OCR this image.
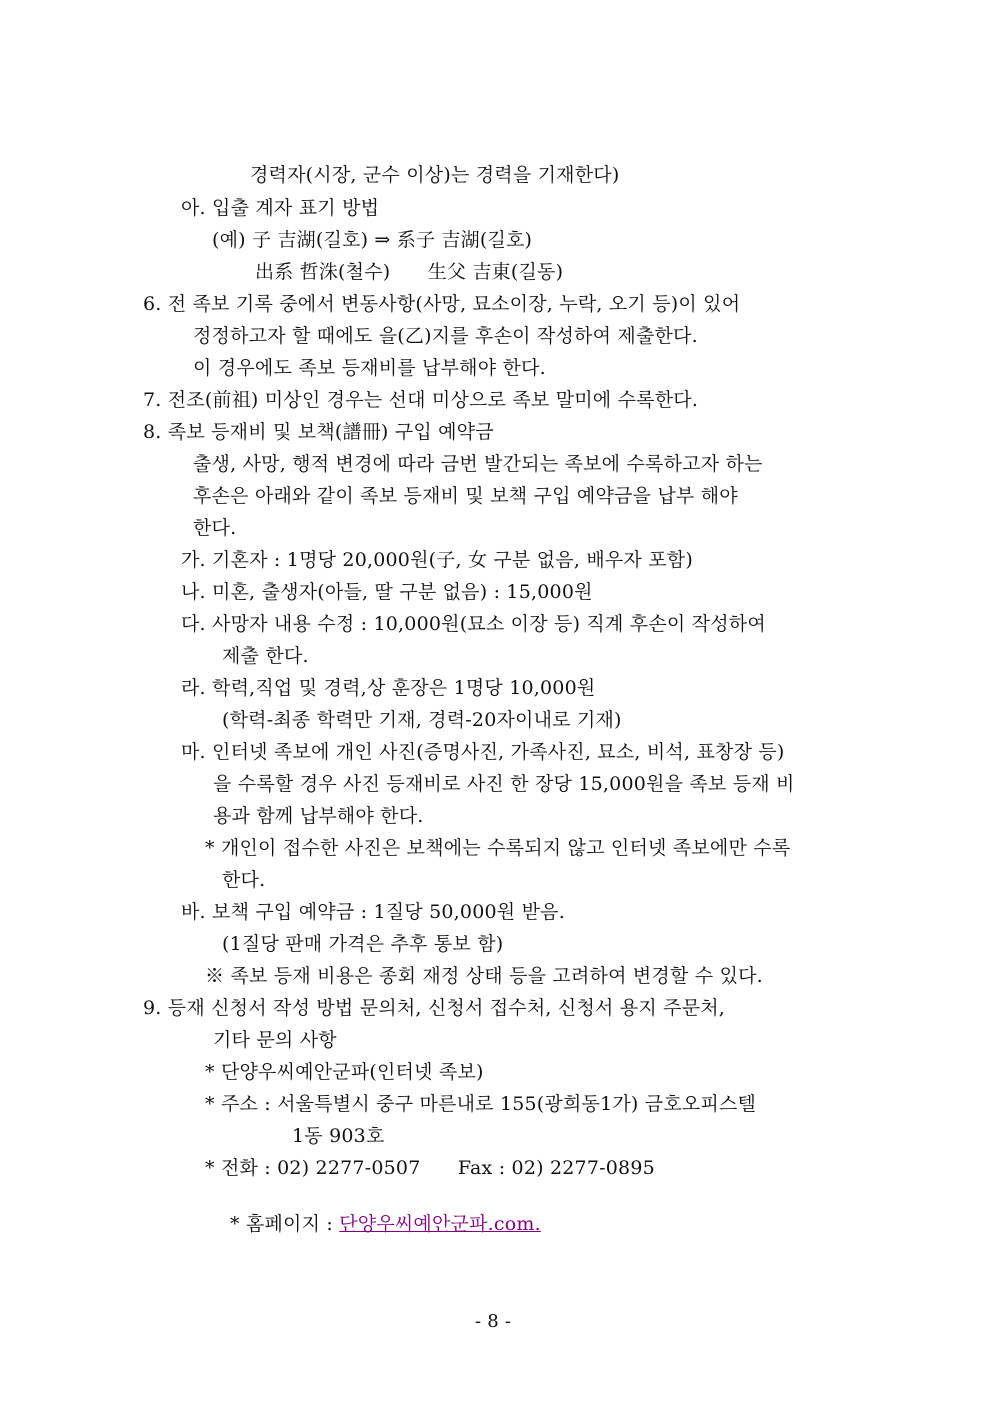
경력자(시장, 군수 이상)는 경력을 기재한다)
아. 입출 계자 표기 방법
(예) 子 吉湖(길호) ⇒ 系子 吉湖(길호)
出系 哲洙(철수)      生父 吉東(길동)
6. 전 족보 기록 중에서 변동사항(사망, 묘소이장, 누락, 오기 등)이 있어
정정하고자 할 때에도 을(乙)지를 후손이 작성하여 제출한다.
이 경우에도 족보 등재비를 납부해야 한다.
7. 전조(前祖) 미상인 경우는 선대 미상으로 족보 말미에 수록한다.
8. 족보 등재비 및 보책(譜冊) 구입 예약금
출생, 사망, 행적 변경에 따라 금번 발간되는 족보에 수록하고자 하는
후손은 아래와 같이 족보 등재비 및 보책 구입 예약금을 납부 해야
한다.
가. 기혼자 : 1명당 20,000원(子, 女 구분 없음, 배우자 포함)
나. 미혼, 출생자(아들, 딸 구분 없음) : 15,000원
다. 사망자 내용 수정 : 10,000원(묘소 이장 등) 직계 후손이 작성하여
제출 한다.
라. 학력,직업 및 경력,상 훈장은 1명당 10,000원
(학력-최종 학력만 기재, 경력-20자이내로 기재)
마. 인터넷 족보에 개인 사진(증명사진, 가족사진, 묘소, 비석, 표창장 등)
을 수록할 경우 사진 등재비로 사진 한 장당 15,000원을 족보 등재 비
용과 함께 납부해야 한다.
* 개인이 접수한 사진은 보책에는 수록되지 않고 인터넷 족보에만 수록
한다.
바. 보책 구입 예약금 : 1질당 50,000원 받음.
(1질당 판매 가격은 추후 통보 함)
※ 족보 등재 비용은 종회 재정 상태 등을 고려하여 변경할 수 있다.
9. 등재 신청서 작성 방법 문의처, 신청서 접수처, 신청서 용지 주문처,
기타 문의 사항
* 단양우씨예안군파(인터넷 족보)
* 주소 : 서울특별시 중구 마른내로 155(광희동1가) 금호오피스텔
1동 903호
* 전화 : 02) 2277-0507      Fax : 02) 2277-0895

* 홈페이지 : 단양우씨예안군파.com.

- 8 -
